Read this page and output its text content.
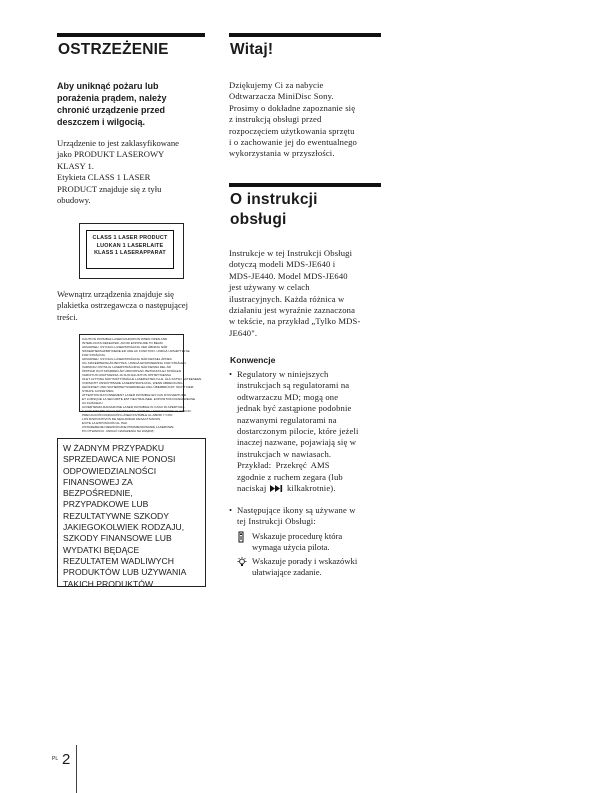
OSTRZEŻENIE

Aby uniknąć pożaru lub

porażenia prądem, należy

chronić urządzenie przed

deszczem i wilgocią.

Urządzenie to jest zaklasyfikowane

jako PRODUKT LASEROWY

KLASY 1.

Etykieta CLASS 1 LASER

PRODUCT znajduje się z tyłu

obudowy.

CLASS 1 LASER PRODUCT
LUOKAN 1 LASERLAITE
KLASS 1 LASERAPPARAT

Wewnątrz urządzenia znajduje się

plakietka ostrzegawcza o następującej

treści.

CAUTION INVISIBLE LASER RADIATION WHEN OPEN AND
INTERLOCKS DEFEATED. AVOID EXPOSURE TO BEAM.
ADVARSEL! USYNLIG LASERSTRÅLING VED ÅBNING NÅR
SIKKERHEDSAFBRYDERE ER UDE AF FUNKTION. UNDGÅ UDSÆTTELSE
FOR STRÅLING.
ADVARSEL! USYNLIG LASERSTRÅLING NÅR DEKSEL ÅPNES
OG SIKKERHEDSLÅS BRYTES. UNNGÅ EKSPONERING FOR STRÅLEN.
VARNING! OSYNLIG LASERSTRÅLNING NÄR DENNA DEL ÄR
ÖPPNAD OCH SPÄRREN ÄR URKOPPLAD. BETRAKTA EJ STRÅLEN.
VAROITUS! AVATTAESSA JA SUOJALUKITUS OHITETTAESSA
OLET ALTTIINA NÄKYMÄTTÖMÄLLE LASERSÄTEILYLLE. ÄLÄ KATSO SÄTEESEEN.
VORSICHT UNSICHTBARE LASERSTRAHLUNG, WENN ABDECKUNG
GEÖFFNET UND SICHERHEITSVERRIEGELUNG ÜBERBRÜCKT. NICHT DEM
STRAHL AUSSETZEN.
ATTENTION RAYONNEMENT LASER INVISIBLE EN CAS D'OUVERTURE
ET LORSQUE LA SECURITE EST NEUTRALISEE. EXPOSITION DANGEREUSE
AU FAISCEAU.
AVVERTENZA RADIAZIONE LASER INVISIBILE IN CASO DI APERTURA
E CON INTERBLOCCO DISATTIVATO. EVITARE L'ESPOSIZIONE AL FASCIO.
PRECAUCIÓN RADIACIÓN LÁSER INVISIBLE AL ABRIR Y CON
LOS DISPOSITIVOS DE SEGURIDAD DESACTIVADOS.
EVITE LA EXPOSICIÓN AL HAZ.
OSTRZEŻENIE NIEWIDOCZNE PROMIENIOWANIE LASEROWE
PO OTWARCIU. UNIKAĆ NARAŻENIA NA WIĄZKĘ.

W ŻADNYM PRZYPADKU

SPRZEDAWCA NIE PONOSI

ODPOWIEDZIALNOŚCI

FINANSOWEJ ZA

BEZPOŚREDNIE,

PRZYPADKOWE LUB

REZULTATYWNE SZKODY

JAKIEGOKOLWIEK RODZAJU,

SZKODY FINANSOWE LUB

WYDATKI BĘDĄCE

REZULTATEM WADLIWYCH

PRODUKTÓW LUB UŻYWANIA

TAKICH PRODUKTÓW.

Witaj!

Dziękujemy Ci za nabycie

Odtwarzacza MiniDisc Sony.

Prosimy o dokładne zapoznanie się

z instrukcją obsługi przed

rozpoczęciem użytkowania sprzętu

i o zachowanie jej do ewentualnego

wykorzystania w przyszłości.

O instrukcji
obsługi

Instrukcje w tej Instrukcji Obsługi

dotyczą modeli MDS-JE640 i

MDS-JE440. Model MDS-JE640

jest używany w celach

ilustracyjnych. Każda różnica w

działaniu jest wyraźnie zaznaczona

w tekście, na przykład „Tylko MDS-

JE640".

Konwencje

• Regulatory w niniejszych

instrukcjach są regulatorami na

odtwarzaczu MD; mogą one

jednak być zastąpione podobnie

nazwanymi regulatorami na

dostarczonym pilocie, które jeżeli

inaczej nazwane, pojawiają się w

instrukcjach w nawiasach.

Przykład: Przekręć AMS

zgodnie z ruchem zegara (lub

naciskaj kilkakrotnie).

• Następujące ikony są używane w

tej Instrukcji Obsługi:

Wskazuje procedurę która

wymaga użycia pilota.

Wskazuje porady i wskazówki

ułatwiające zadanie.

PL 2
